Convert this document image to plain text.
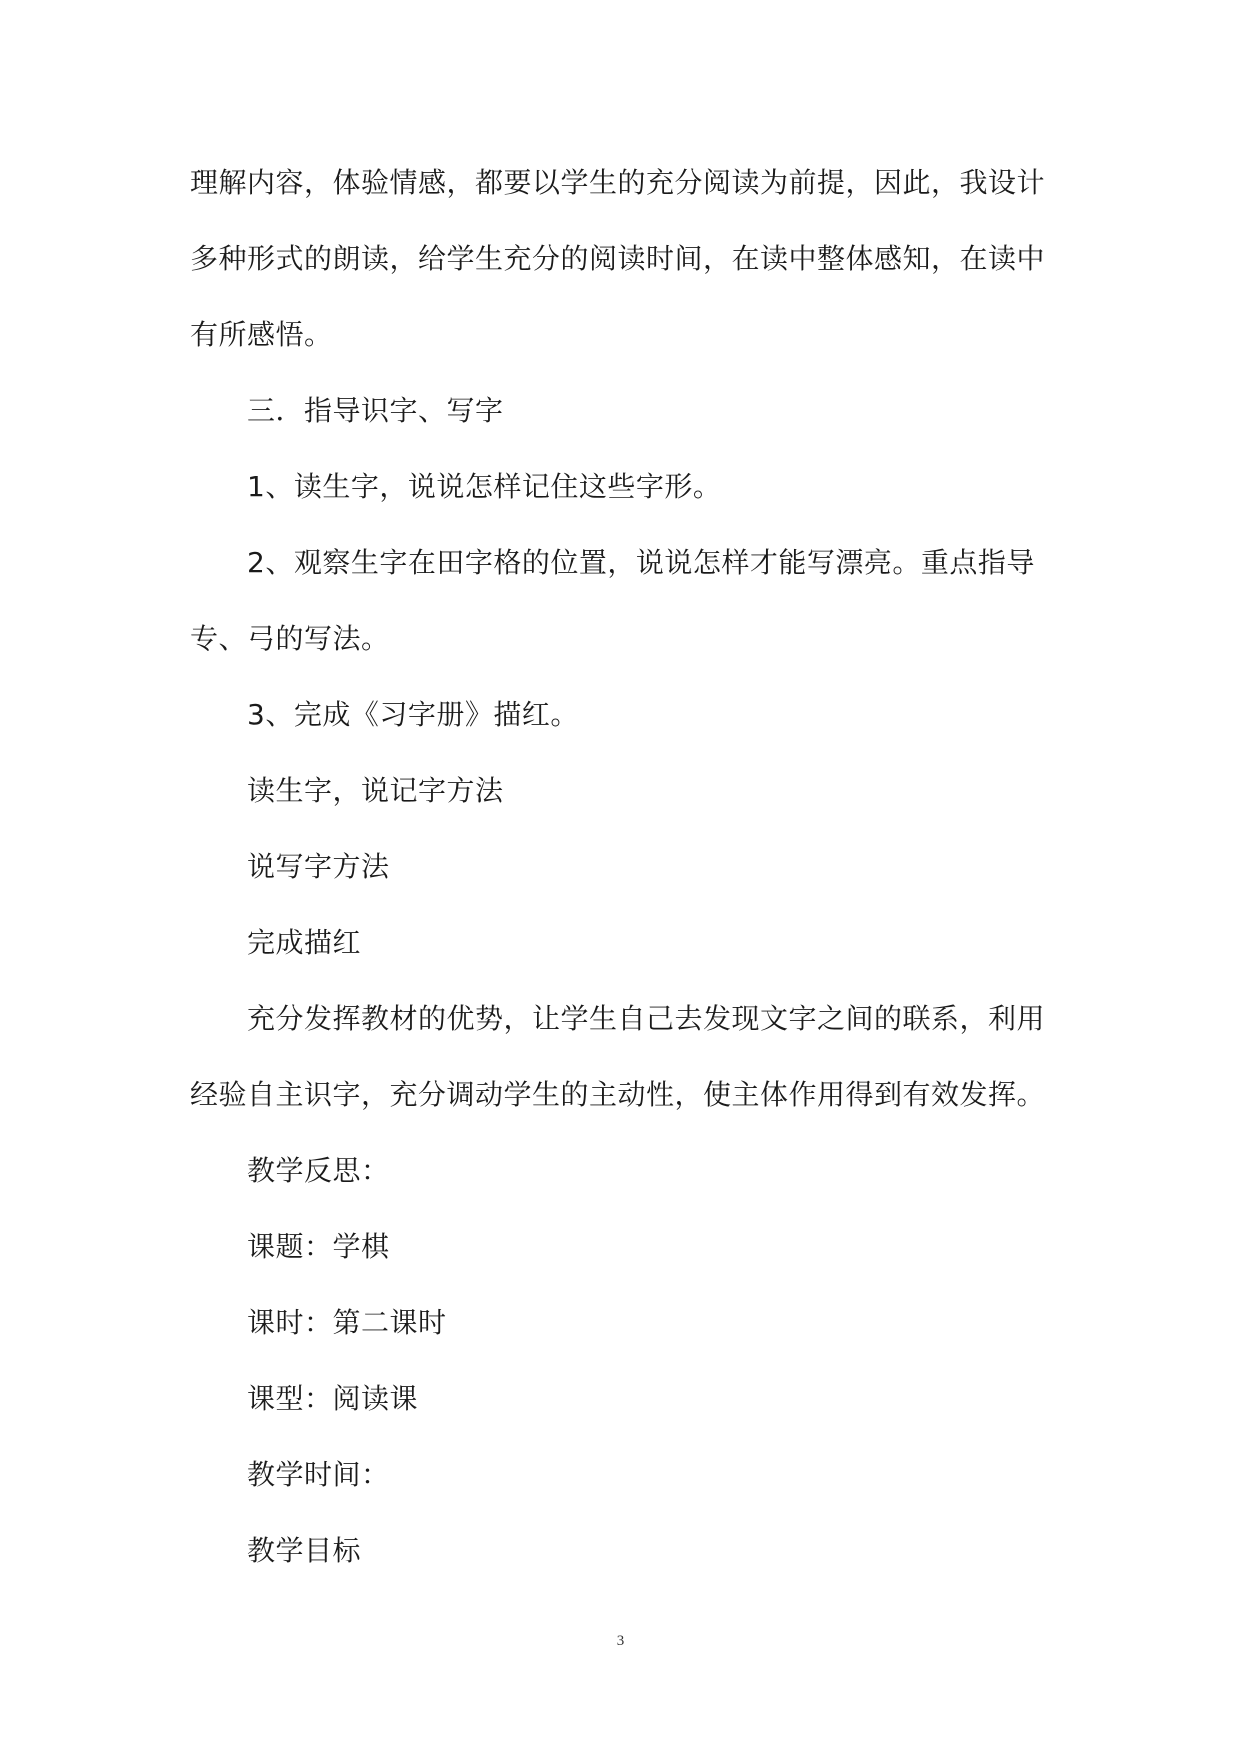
理解内容，体验情感，都要以学生的充分阅读为前提，因此，我设计多种形式的朗读，给学生充分的阅读时间，在读中整体感知，在读中有所感悟。

三．指导识字、写字

1、读生字，说说怎样记住这些字形。

2、观察生字在田字格的位置，说说怎样才能写漂亮。重点指导专、弓的写法。

3、完成《习字册》描红。

读生字，说记字方法

说写字方法

完成描红

充分发挥教材的优势，让学生自己去发现文字之间的联系，利用经验自主识字，充分调动学生的主动性，使主体作用得到有效发挥。

教学反思：

课题：学棋

课时：第二课时

课型：阅读课

教学时间：

教学目标

3
